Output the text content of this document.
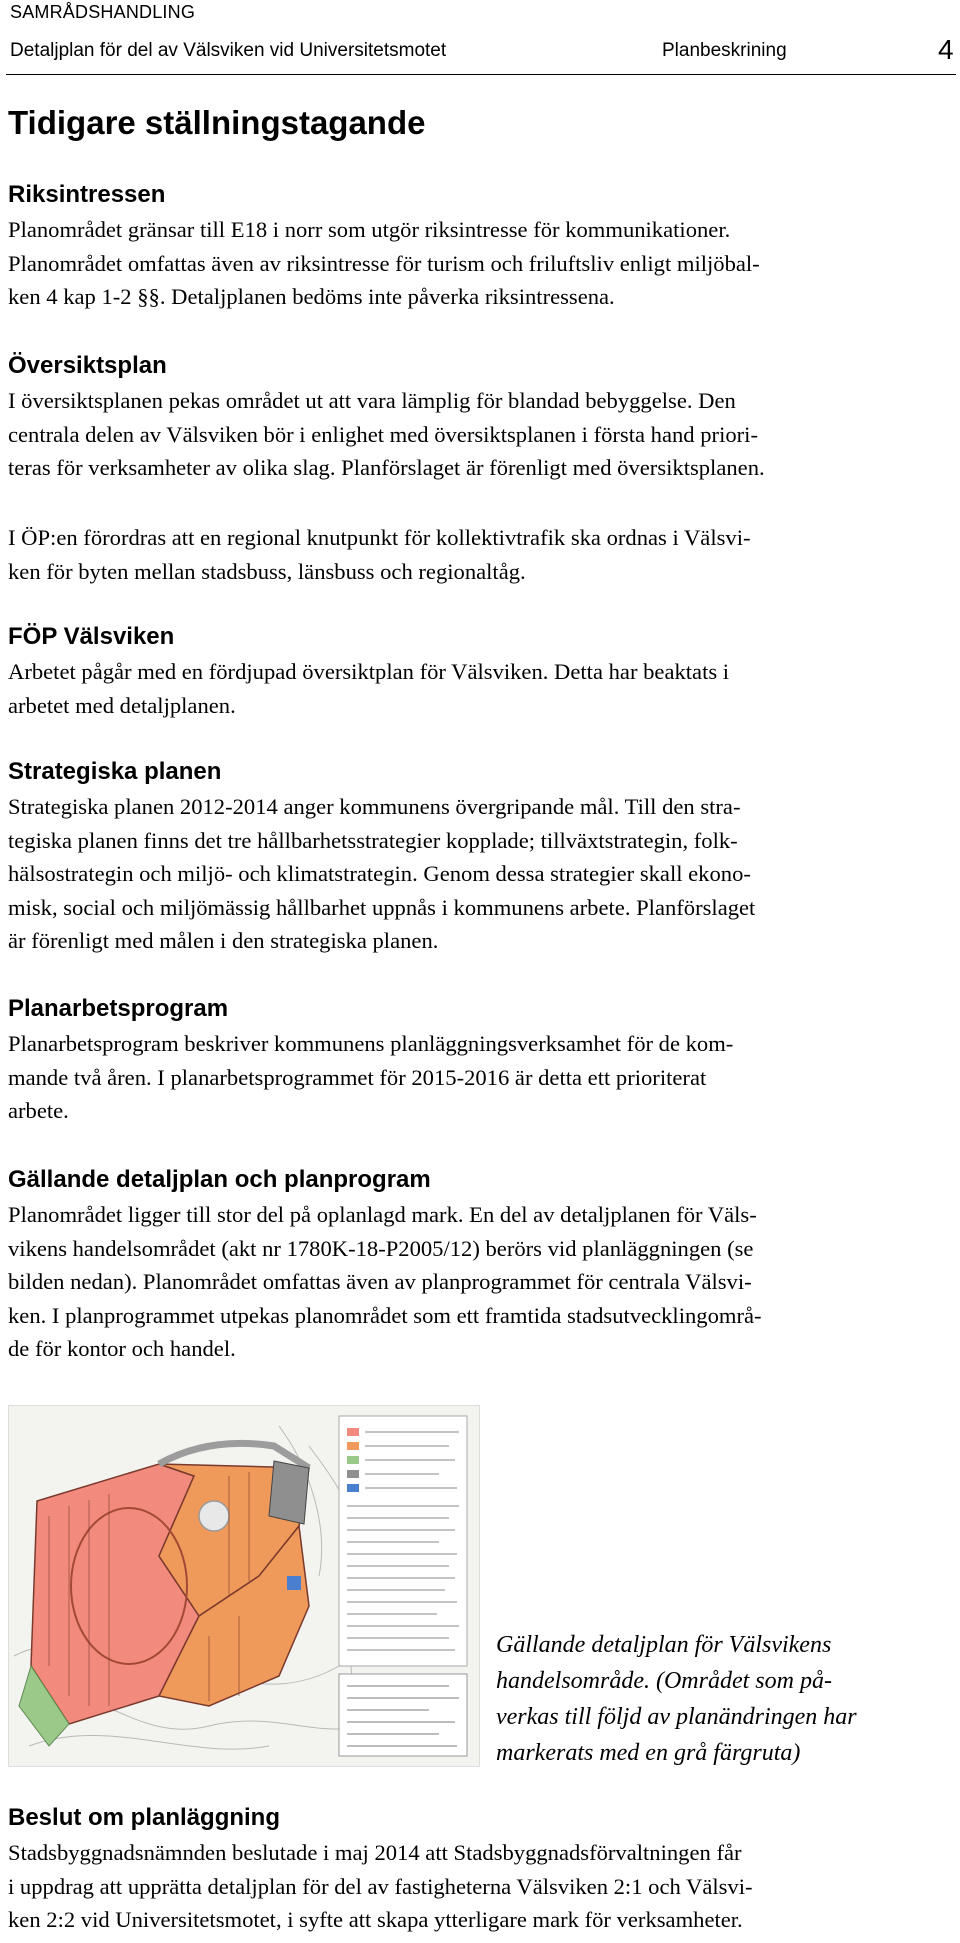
SAMRÅDSHANDLING
Detaljplan för del av Välsviken vid Universitetsmotet	Planbeskrining	4
Tidigare ställningstagande
Riksintressen
Planområdet gränsar till E18 i norr som utgör riksintresse för kommunikationer.
Planområdet omfattas även av riksintresse för turism och friluftsliv enligt miljöbal-
ken 4 kap 1-2 §§. Detaljplanen bedöms inte påverka riksintressena.
Översiktsplan
I översiktsplanen pekas området ut att vara lämplig för blandad bebyggelse. Den
centrala delen av Välsviken bör i enlighet med översiktsplanen i första hand priori-
teras för verksamheter av olika slag. Planförslaget är förenligt med översiktsplanen.
I ÖP:en förordras att en regional knutpunkt för kollektivtrafik ska ordnas i Välsvi-
ken för byten mellan stadsbuss, länsbuss och regionaltåg.
FÖP Välsviken
Arbetet pågår med en fördjupad översiktplan för Välsviken. Detta har beaktats i
arbetet med detaljplanen.
Strategiska planen
Strategiska planen 2012-2014 anger kommunens övergripande mål. Till den stra-
tegiska planen finns det tre hållbarhetsstrategier kopplade; tillväxtstrategin, folk-
hälsostrategin och miljö- och klimatstrategin. Genom dessa strategier skall ekono-
misk, social och miljömässig hållbarhet uppnås i kommunens arbete. Planförslaget
är förenligt med målen i den strategiska planen.
Planarbetsprogram
Planarbetsprogram beskriver kommunens planläggningsverksamhet för de kom-
mande två åren. I planarbetsprogrammet för 2015-2016 är detta ett prioriterat
arbete.
Gällande detaljplan och planprogram
Planområdet ligger till stor del på oplanlagd mark. En del av detaljplanen för Väls-
vikens handelsområdet (akt nr 1780K-18-P2005/12) berörs vid planläggningen (se
bilden nedan). Planområdet omfattas även av planprogrammet för centrala Välsvi-
ken. I planprogrammet utpekas planområdet som ett framtida stadsutvecklingområ-
de för kontor och handel.
Gällande detaljplan för Välsvikens
handelsområde. (Området som på-
verkas till följd av planändringen har
markerats med en grå färgruta)
Beslut om planläggning
Stadsbyggnadsnämnden beslutade i maj 2014 att Stadsbyggnadsförvaltningen får
i uppdrag att upprätta detaljplan för del av fastigheterna Välsviken 2:1 och Välsvi-
ken 2:2 vid Universitetsmotet, i syfte att skapa ytterligare mark för verksamheter.
